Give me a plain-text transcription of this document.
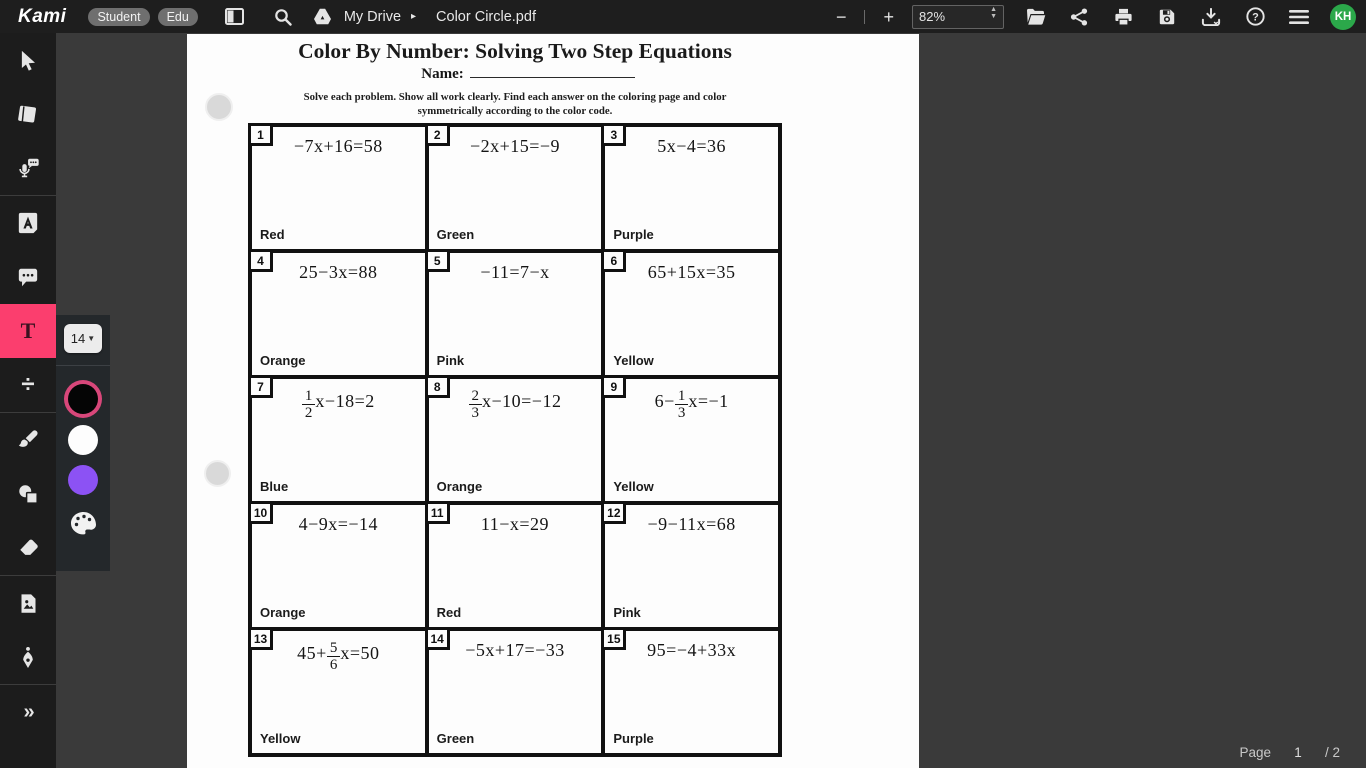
Kami	Student	Edu	My Drive ▸ Color Circle.pdf	− + 82%	▲
▼	?	KH
T
÷
»
14 ▼
Color By Number: Solving Two Step Equations
Name:
Solve each problem. Show all work clearly. Find each answer on the coloring page and color
symmetrically according to the color code.
1
−7x+16=58
Red
2
−2x+15=−9
Green
3
5x−4=36
Purple
4
25−3x=88
Orange
5
−11=7−x
Pink
6
65+15x=35
Yellow
7
$\frac{1}{2} x-18=2$
Blue
8
$\frac{2}{3} x-10=-12$
Orange
9
$6- \frac{1}{3} x=-1$
Yellow
10
4−9x=−14
Orange
11
11−x=29
Red
12
−9−11x=68
Pink
13
$45+ \frac{5}{6} x=50$
Yellow
14
−5x+17=−33
Green
15
95=−4+33x
Purple
Page	1	/ 2
